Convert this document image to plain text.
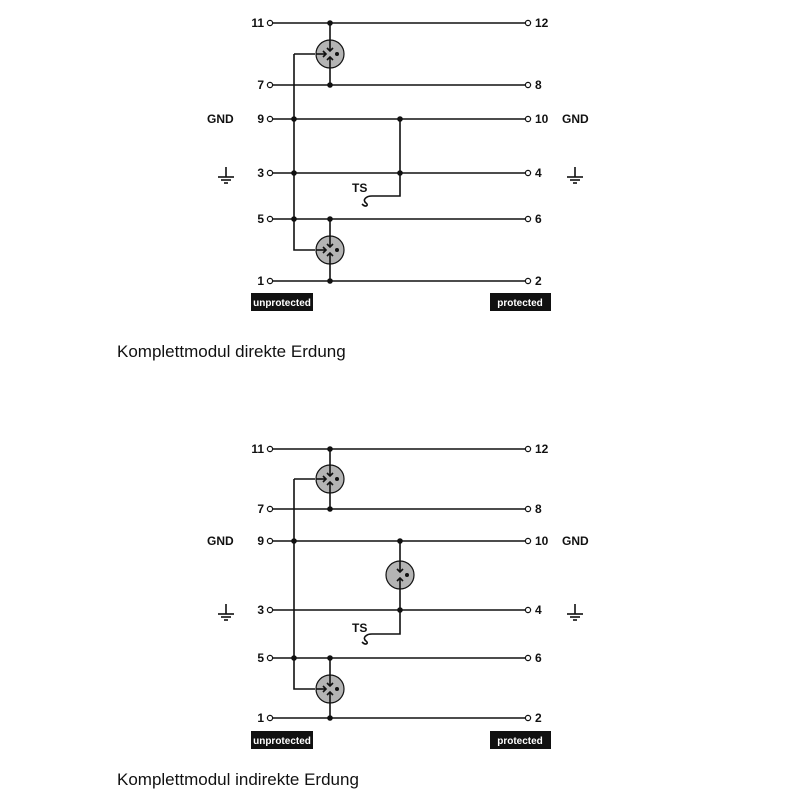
11	12
7	8
9	10
3	4
5	6
1	2
GND	GND
TS
unprotected	protected
Komplettmodul direkte Erdung
11	12
7	8
9	10
3	4
5	6
1	2
GND	GND
TS
unprotected	protected
Komplettmodul indirekte Erdung
